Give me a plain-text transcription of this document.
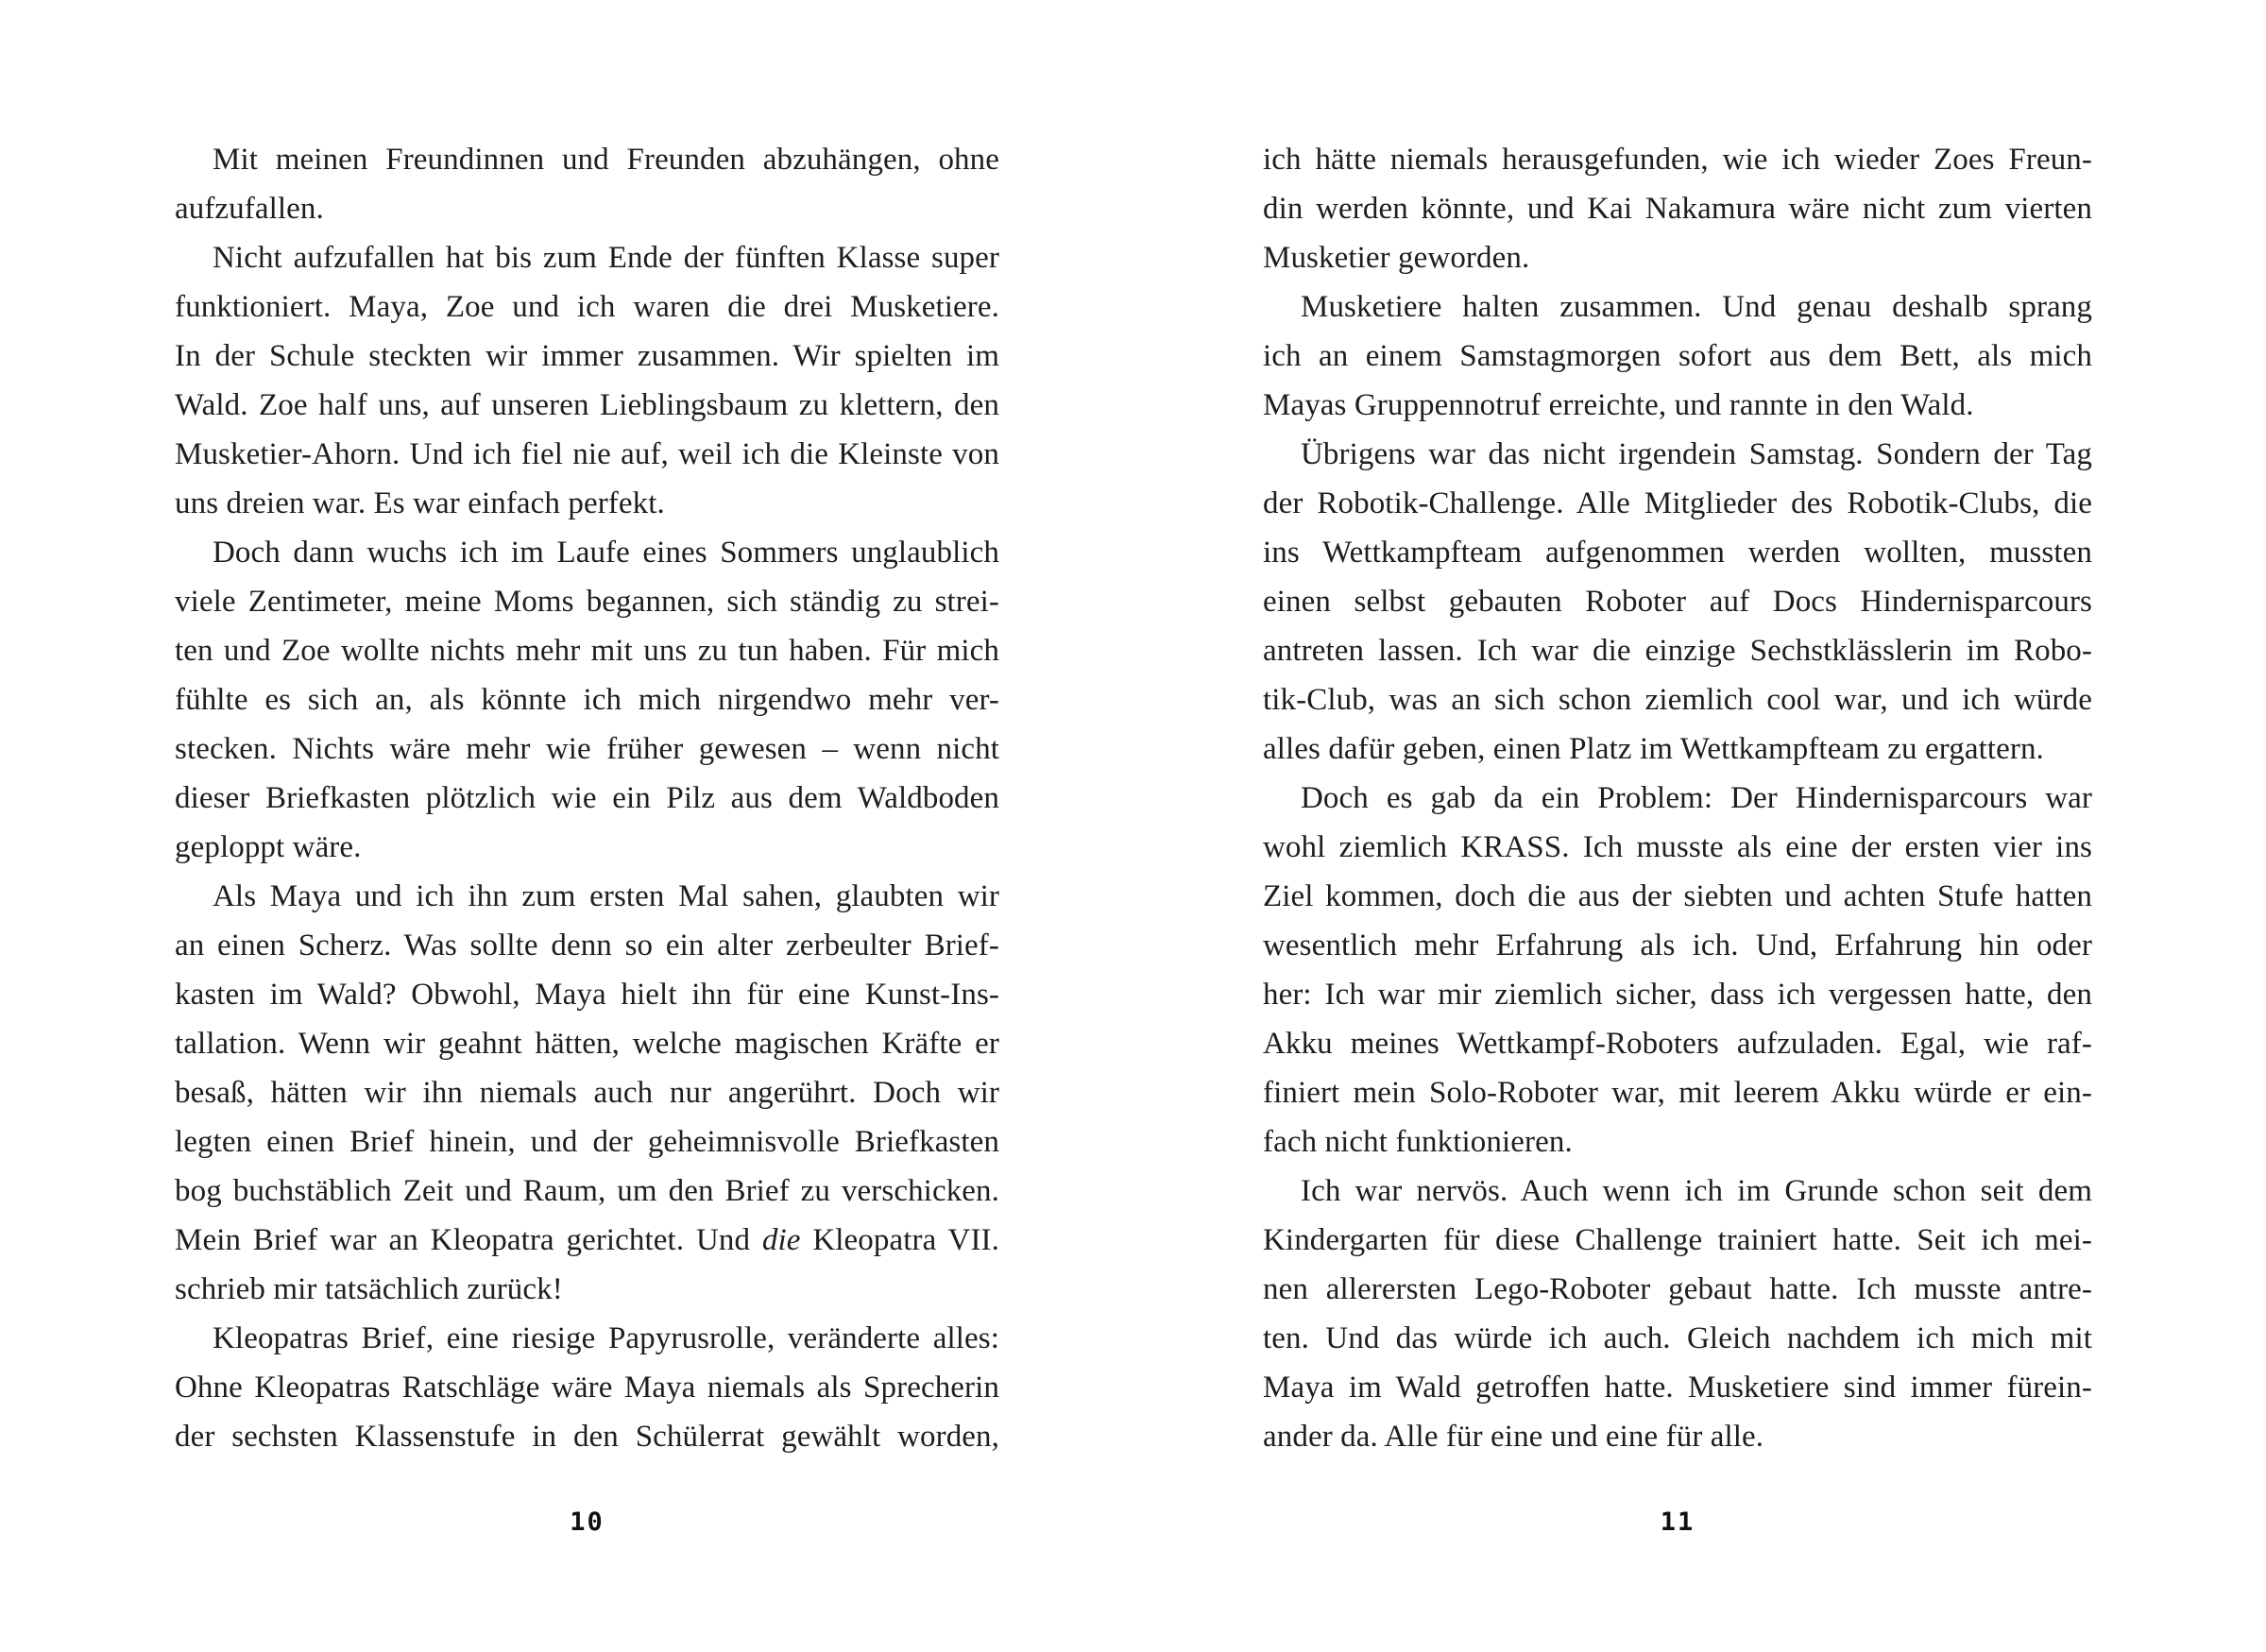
Mit meinen Freundinnen und Freunden abzuhängen, ohne
aufzufallen.
Nicht aufzufallen hat bis zum Ende der fünften Klasse super
funktioniert. Maya, Zoe und ich waren die drei Musketiere.
In der Schule steckten wir immer zusammen. Wir spielten im
Wald. Zoe half uns, auf unseren Lieblingsbaum zu klettern, den
Musketier-Ahorn. Und ich fiel nie auf, weil ich die Kleinste von
uns dreien war. Es war einfach perfekt.
Doch dann wuchs ich im Laufe eines Sommers unglaublich
viele Zentimeter, meine Moms begannen, sich ständig zu strei-
ten und Zoe wollte nichts mehr mit uns zu tun haben. Für mich
fühlte es sich an, als könnte ich mich nirgendwo mehr ver-
stecken. Nichts wäre mehr wie früher gewesen – wenn nicht
dieser Briefkasten plötzlich wie ein Pilz aus dem Waldboden
geploppt wäre.
Als Maya und ich ihn zum ersten Mal sahen, glaubten wir
an einen Scherz. Was sollte denn so ein alter zerbeulter Brief-
kasten im Wald? Obwohl, Maya hielt ihn für eine Kunst-Ins-
tallation. Wenn wir geahnt hätten, welche magischen Kräfte er
besaß, hätten wir ihn niemals auch nur angerührt. Doch wir
legten einen Brief hinein, und der geheimnisvolle Briefkasten
bog buchstäblich Zeit und Raum, um den Brief zu verschicken.
Mein Brief war an Kleopatra gerichtet. Und die Kleopatra VII.
schrieb mir tatsächlich zurück!
Kleopatras Brief, eine riesige Papyrusrolle, veränderte alles:
Ohne Kleopatras Ratschläge wäre Maya niemals als Sprecherin
der sechsten Klassenstufe in den Schülerrat gewählt worden,
10
ich hätte niemals herausgefunden, wie ich wieder Zoes Freun-
din werden könnte, und Kai Nakamura wäre nicht zum vierten
Musketier geworden.
Musketiere halten zusammen. Und genau deshalb sprang
ich an einem Samstagmorgen sofort aus dem Bett, als mich
Mayas Gruppennotruf erreichte, und rannte in den Wald.
Übrigens war das nicht irgendein Samstag. Sondern der Tag
der Robotik-Challenge. Alle Mitglieder des Robotik-Clubs, die
ins Wettkampfteam aufgenommen werden wollten, mussten
einen selbst gebauten Roboter auf Docs Hindernisparcours
antreten lassen. Ich war die einzige Sechstklässlerin im Robo-
tik-Club, was an sich schon ziemlich cool war, und ich würde
alles dafür geben, einen Platz im Wettkampfteam zu ergattern.
Doch es gab da ein Problem: Der Hindernisparcours war
wohl ziemlich KRASS. Ich musste als eine der ersten vier ins
Ziel kommen, doch die aus der siebten und achten Stufe hatten
wesentlich mehr Erfahrung als ich. Und, Erfahrung hin oder
her: Ich war mir ziemlich sicher, dass ich vergessen hatte, den
Akku meines Wettkampf-Roboters aufzuladen. Egal, wie raf-
finiert mein Solo-Roboter war, mit leerem Akku würde er ein-
fach nicht funktionieren.
Ich war nervös. Auch wenn ich im Grunde schon seit dem
Kindergarten für diese Challenge trainiert hatte. Seit ich mei-
nen allerersten Lego-Roboter gebaut hatte. Ich musste antre-
ten. Und das würde ich auch. Gleich nachdem ich mich mit
Maya im Wald getroffen hatte. Musketiere sind immer fürein-
ander da. Alle für eine und eine für alle.
11
